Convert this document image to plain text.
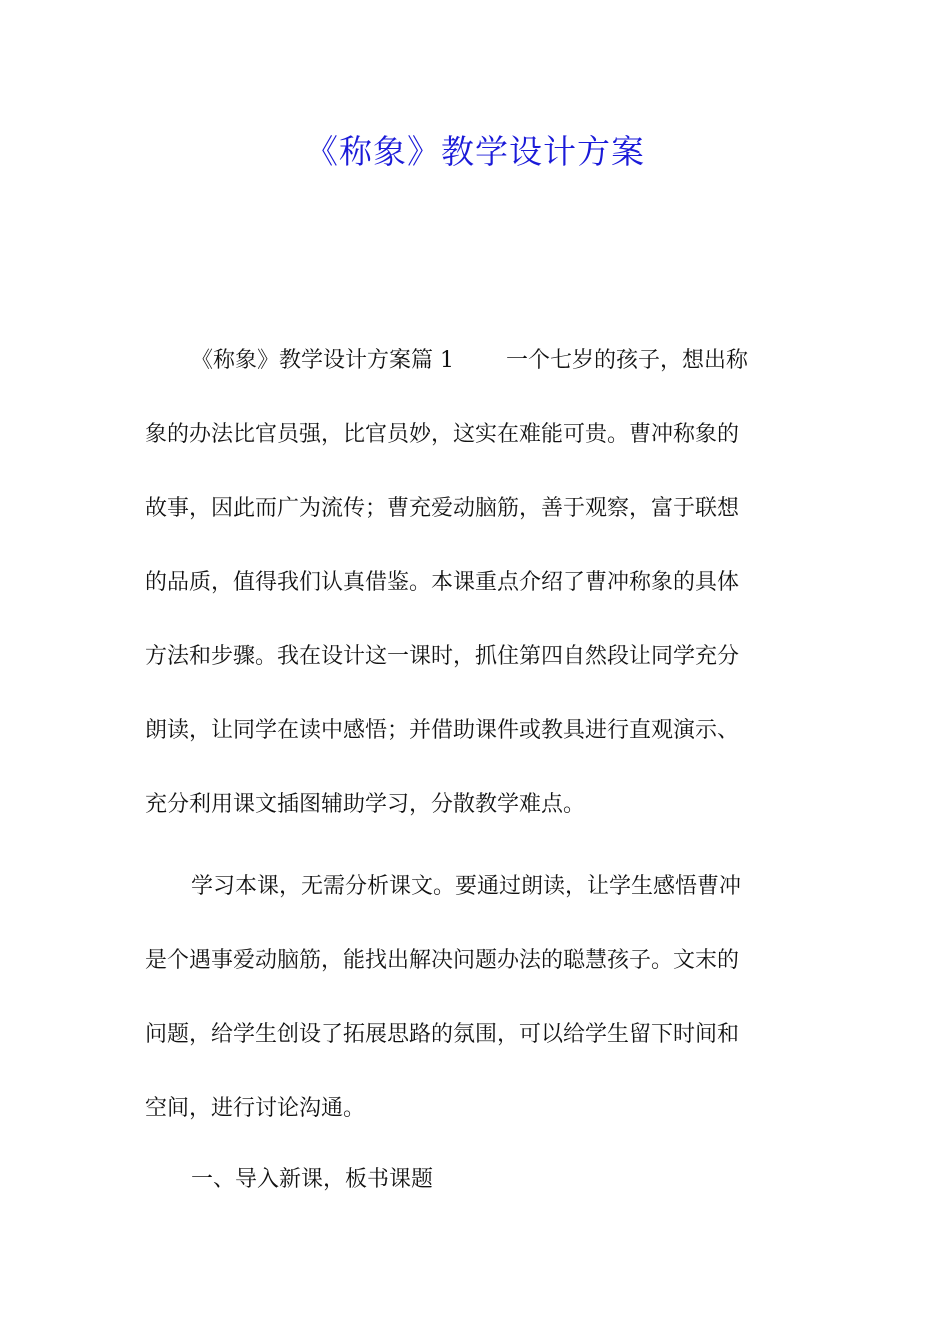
《称象》教学设计方案
《称象》教学设计方案篇 1 一个七岁的孩子，想出称
象的办法比官员强，比官员妙，这实在难能可贵。曹冲称象的
故事，因此而广为流传；曹充爱动脑筋，善于观察，富于联想
的品质，值得我们认真借鉴。本课重点介绍了曹冲称象的具体
方法和步骤。我在设计这一课时，抓住第四自然段让同学充分
朗读，让同学在读中感悟；并借助课件或教具进行直观演示、
充分利用课文插图辅助学习，分散教学难点。
学习本课，无需分析课文。要通过朗读，让学生感悟曹冲
是个遇事爱动脑筋，能找出解决问题办法的聪慧孩子。文末的
问题，给学生创设了拓展思路的氛围，可以给学生留下时间和
空间，进行讨论沟通。
一、导入新课，板书课题
